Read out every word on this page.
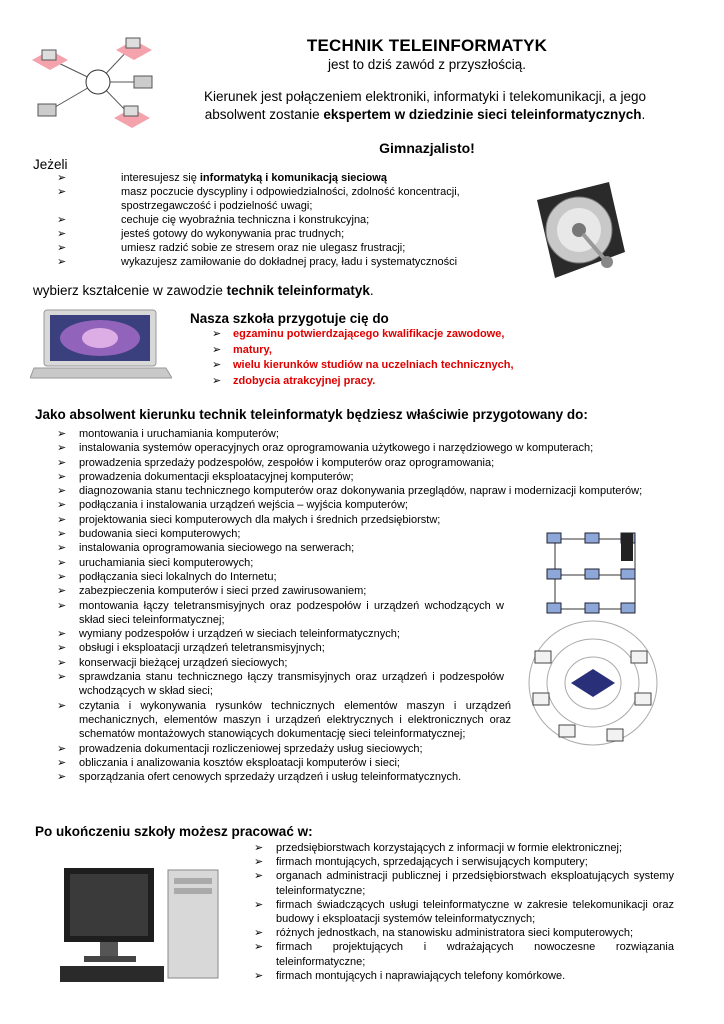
TECHNIK TELEINFORMATYK
jest to dziś zawód z przyszłością.
Kierunek jest połączeniem elektroniki, informatyki i telekomunikacji, a jego
absolwent zostanie ekspertem w dziedzinie sieci teleinformatycznych.
Gimnazjalisto!
Jeżeli
➢	interesujesz się informatyką i komunikacją sieciową
➢	masz poczucie dyscypliny i odpowiedzialności, zdolność koncentracji, spostrzegawczość i podzielność uwagi;
➢	cechuje cię wyobraźnia techniczna i konstrukcyjna;
➢	jesteś gotowy do wykonywania prac trudnych;
➢	umiesz radzić sobie ze stresem oraz nie ulegasz frustracji;
➢	wykazujesz zamiłowanie do dokładnej pracy, ładu i systematyczności
wybierz kształcenie w zawodzie technik teleinformatyk.
Nasza szkoła przygotuje cię do
➢ egzaminu potwierdzającego kwalifikacje zawodowe,
➢ matury,
➢ wielu kierunków studiów na uczelniach technicznych,
➢ zdobycia atrakcyjnej pracy.
Jako absolwent kierunku technik teleinformatyk będziesz właściwie przygotowany do:
➢ montowania i uruchamiania komputerów;
➢ instalowania systemów operacyjnych oraz oprogramowania użytkowego i narzędziowego w komputerach;
➢ prowadzenia sprzedaży podzespołów, zespołów i komputerów oraz oprogramowania;
➢ prowadzenia dokumentacji eksploatacyjnej komputerów;
➢ diagnozowania stanu technicznego komputerów oraz dokonywania przeglądów, napraw i modernizacji komputerów;
➢ podłączania i instalowania urządzeń wejścia – wyjścia komputerów;
➢ projektowania sieci komputerowych dla małych i średnich przedsiębiorstw;
➢ budowania sieci komputerowych;
➢ instalowania oprogramowania sieciowego na serwerach;
➢ uruchamiania sieci komputerowych;
➢ podłączania sieci lokalnych do Internetu;
➢ zabezpieczenia komputerów i sieci przed zawirusowaniem;
➢ montowania łączy teletransmisyjnych oraz podzespołów i urządzeń wchodzących w skład sieci teleinformatycznej;
➢ wymiany podzespołów i urządzeń w sieciach teleinformatycznych;
➢ obsługi i eksploatacji urządzeń teletransmisyjnych;
➢ konserwacji bieżącej urządzeń sieciowych;
➢ sprawdzania stanu technicznego łączy transmisyjnych oraz urządzeń i podzespołów wchodzących w skład sieci;
➢ czytania i wykonywania rysunków technicznych elementów maszyn i urządzeń mechanicznych, elementów maszyn i urządzeń elektrycznych i elektronicznych oraz schematów montażowych stanowiących dokumentację sieci teleinformatycznej;
➢ prowadzenia dokumentacji rozliczeniowej sprzedaży usług sieciowych;
➢ obliczania i analizowania kosztów eksploatacji komputerów i sieci;
➢ sporządzania ofert cenowych sprzedaży urządzeń i usług teleinformatycznych.
Po ukończeniu szkoły możesz pracować w:
➢ przedsiębiorstwach korzystających z informacji w formie elektronicznej;
➢ firmach montujących, sprzedających i serwisujących komputery;
➢ organach administracji publicznej i przedsiębiorstwach eksploatujących systemy teleinformatyczne;
➢ firmach świadczących usługi teleinformatyczne w zakresie telekomunikacji oraz budowy i eksploatacji systemów teleinformatycznych;
➢ różnych jednostkach, na stanowisku administratora sieci komputerowych;
➢ firmach projektujących i wdrażających nowoczesne rozwiązania teleinformatyczne;
➢ firmach montujących i naprawiających telefony komórkowe.
